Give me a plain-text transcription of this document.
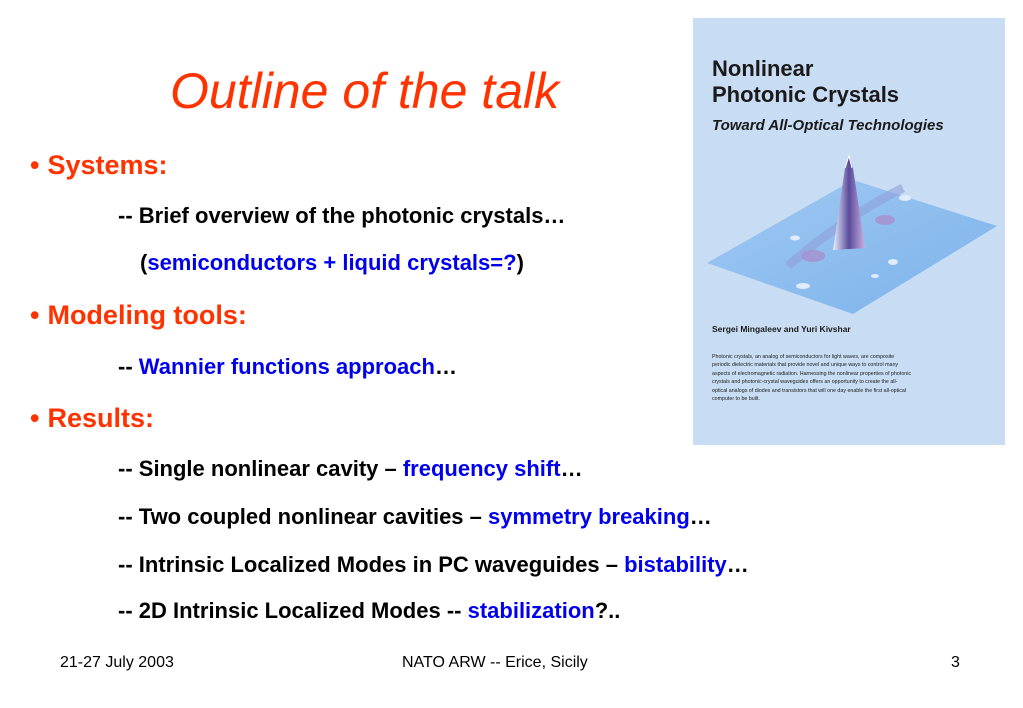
Outline of the talk
• Systems:
-- Brief overview of the photonic crystals…
(semiconductors + liquid crystals=?)
• Modeling tools:
-- Wannier functions approach…
• Results:
-- Single nonlinear cavity – frequency shift…
-- Two coupled nonlinear cavities – symmetry breaking…
-- Intrinsic Localized Modes in PC waveguides – bistability…
-- 2D Intrinsic Localized Modes -- stabilization?..
Nonlinear
Photonic Crystals
Toward All-Optical Technologies
Sergei Mingaleev and Yuri Kivshar
Photonic crystals, an analog of semiconductors for light waves, are composite periodic dielectric materials that provide novel and unique ways to control many aspects of electromagnetic radiation. Harnessing the nonlinear properties of photonic crystals and photonic-crystal waveguides offers an opportunity to create the all-optical analogs of diodes and transistors that will one day enable the first all-optical computer to be built.
21-27 July 2003	NATO ARW -- Erice, Sicily	3
